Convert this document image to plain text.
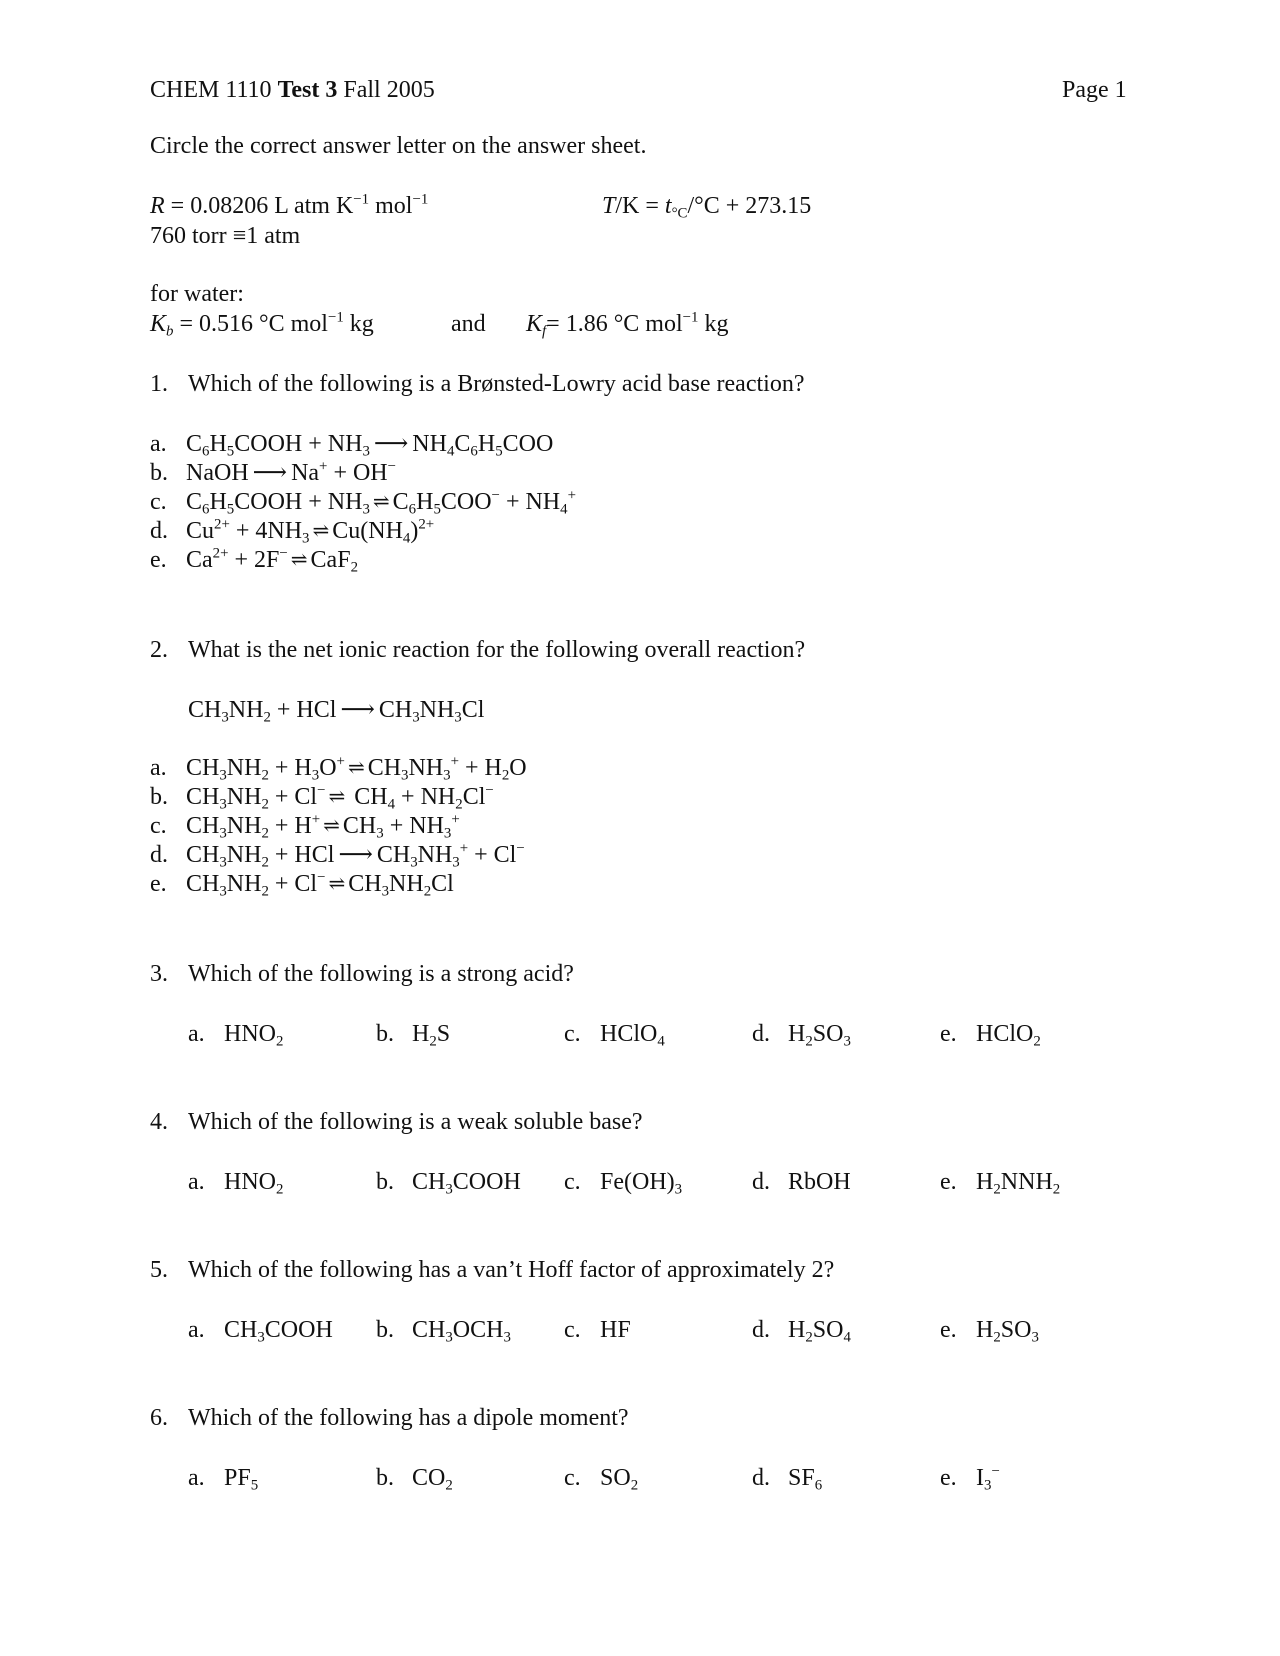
CHEM 1110 Test 3 Fall 2005	Page 1
Circle the correct answer letter on the answer sheet.
R = 0.08206 L atm $K^{-1}$ mol$^{-1}$
760 torr ≡1 atm
$T/K = t_{^\circ C}/^\circ C + 273.15$
for water:
$K_b = 0.516$ °C mol$^{-1}$ kg	and $K_f= 1.86$ °C mol$^{-1}$ kg
1. Which of the following is a Brønsted-Lowry acid base reaction?
a. $C_6H_5COOH + NH_3$ ⟶ $NH_4C_6H_5COO$
b. NaOH ⟶ Na+ + OH−
c. $C_6H_5COOH + NH_3$ ⇌ $C_6H_5COO^- + NH_4^+$
d. $Cu^{2+} + 4NH_3$ ⇌ $Cu(NH_4)^{2+}$
e. $Ca^{2+} + 2F^-$ ⇌ CaF$_2$
2. What is the net ionic reaction for the following overall reaction?
$CH_3NH_2$ + HCl ⟶ $CH_3NH_3Cl$
a. $CH_3NH_2 + H_3O^+$ ⇌ $CH_3NH_3^+ + H_2O$
b. $CH_3NH_2 + Cl^-$ ⇌ $CH_4 + NH_2Cl^-$
c. $CH_3NH_2 + H^+$ ⇌ $CH_3 + NH_3^+$
d. $CH_3NH_2$ + HCl ⟶ $CH_3NH_3^+ + Cl^-$
e. $CH_3NH_2 + Cl^-$ ⇌ $CH_3NH_2Cl$
3. Which of the following is a strong acid?
a. $HNO_2$	b. $H_2S$	c. HClO$_4$	d. $H_2SO_3$	e. HClO$_2$
4. Which of the following is a weak soluble base?
a. $HNO_2$	b. $CH_3COOH$ c. $Fe(OH)_3$	d. RbOH	e. $H_2NNH_2$
5. Which of the following has a van’t Hoff factor of approximately 2?
a. $CH_3COOH$ b. $CH_3OCH_3$ c. HF	d. $H_2SO_4$	e. $H_2SO_3$
6. Which of the following has a dipole moment?
a. $PF_5$	b. $CO_2$	c. $SO_2$	d. $SF_6$	e. $I_3^-$
